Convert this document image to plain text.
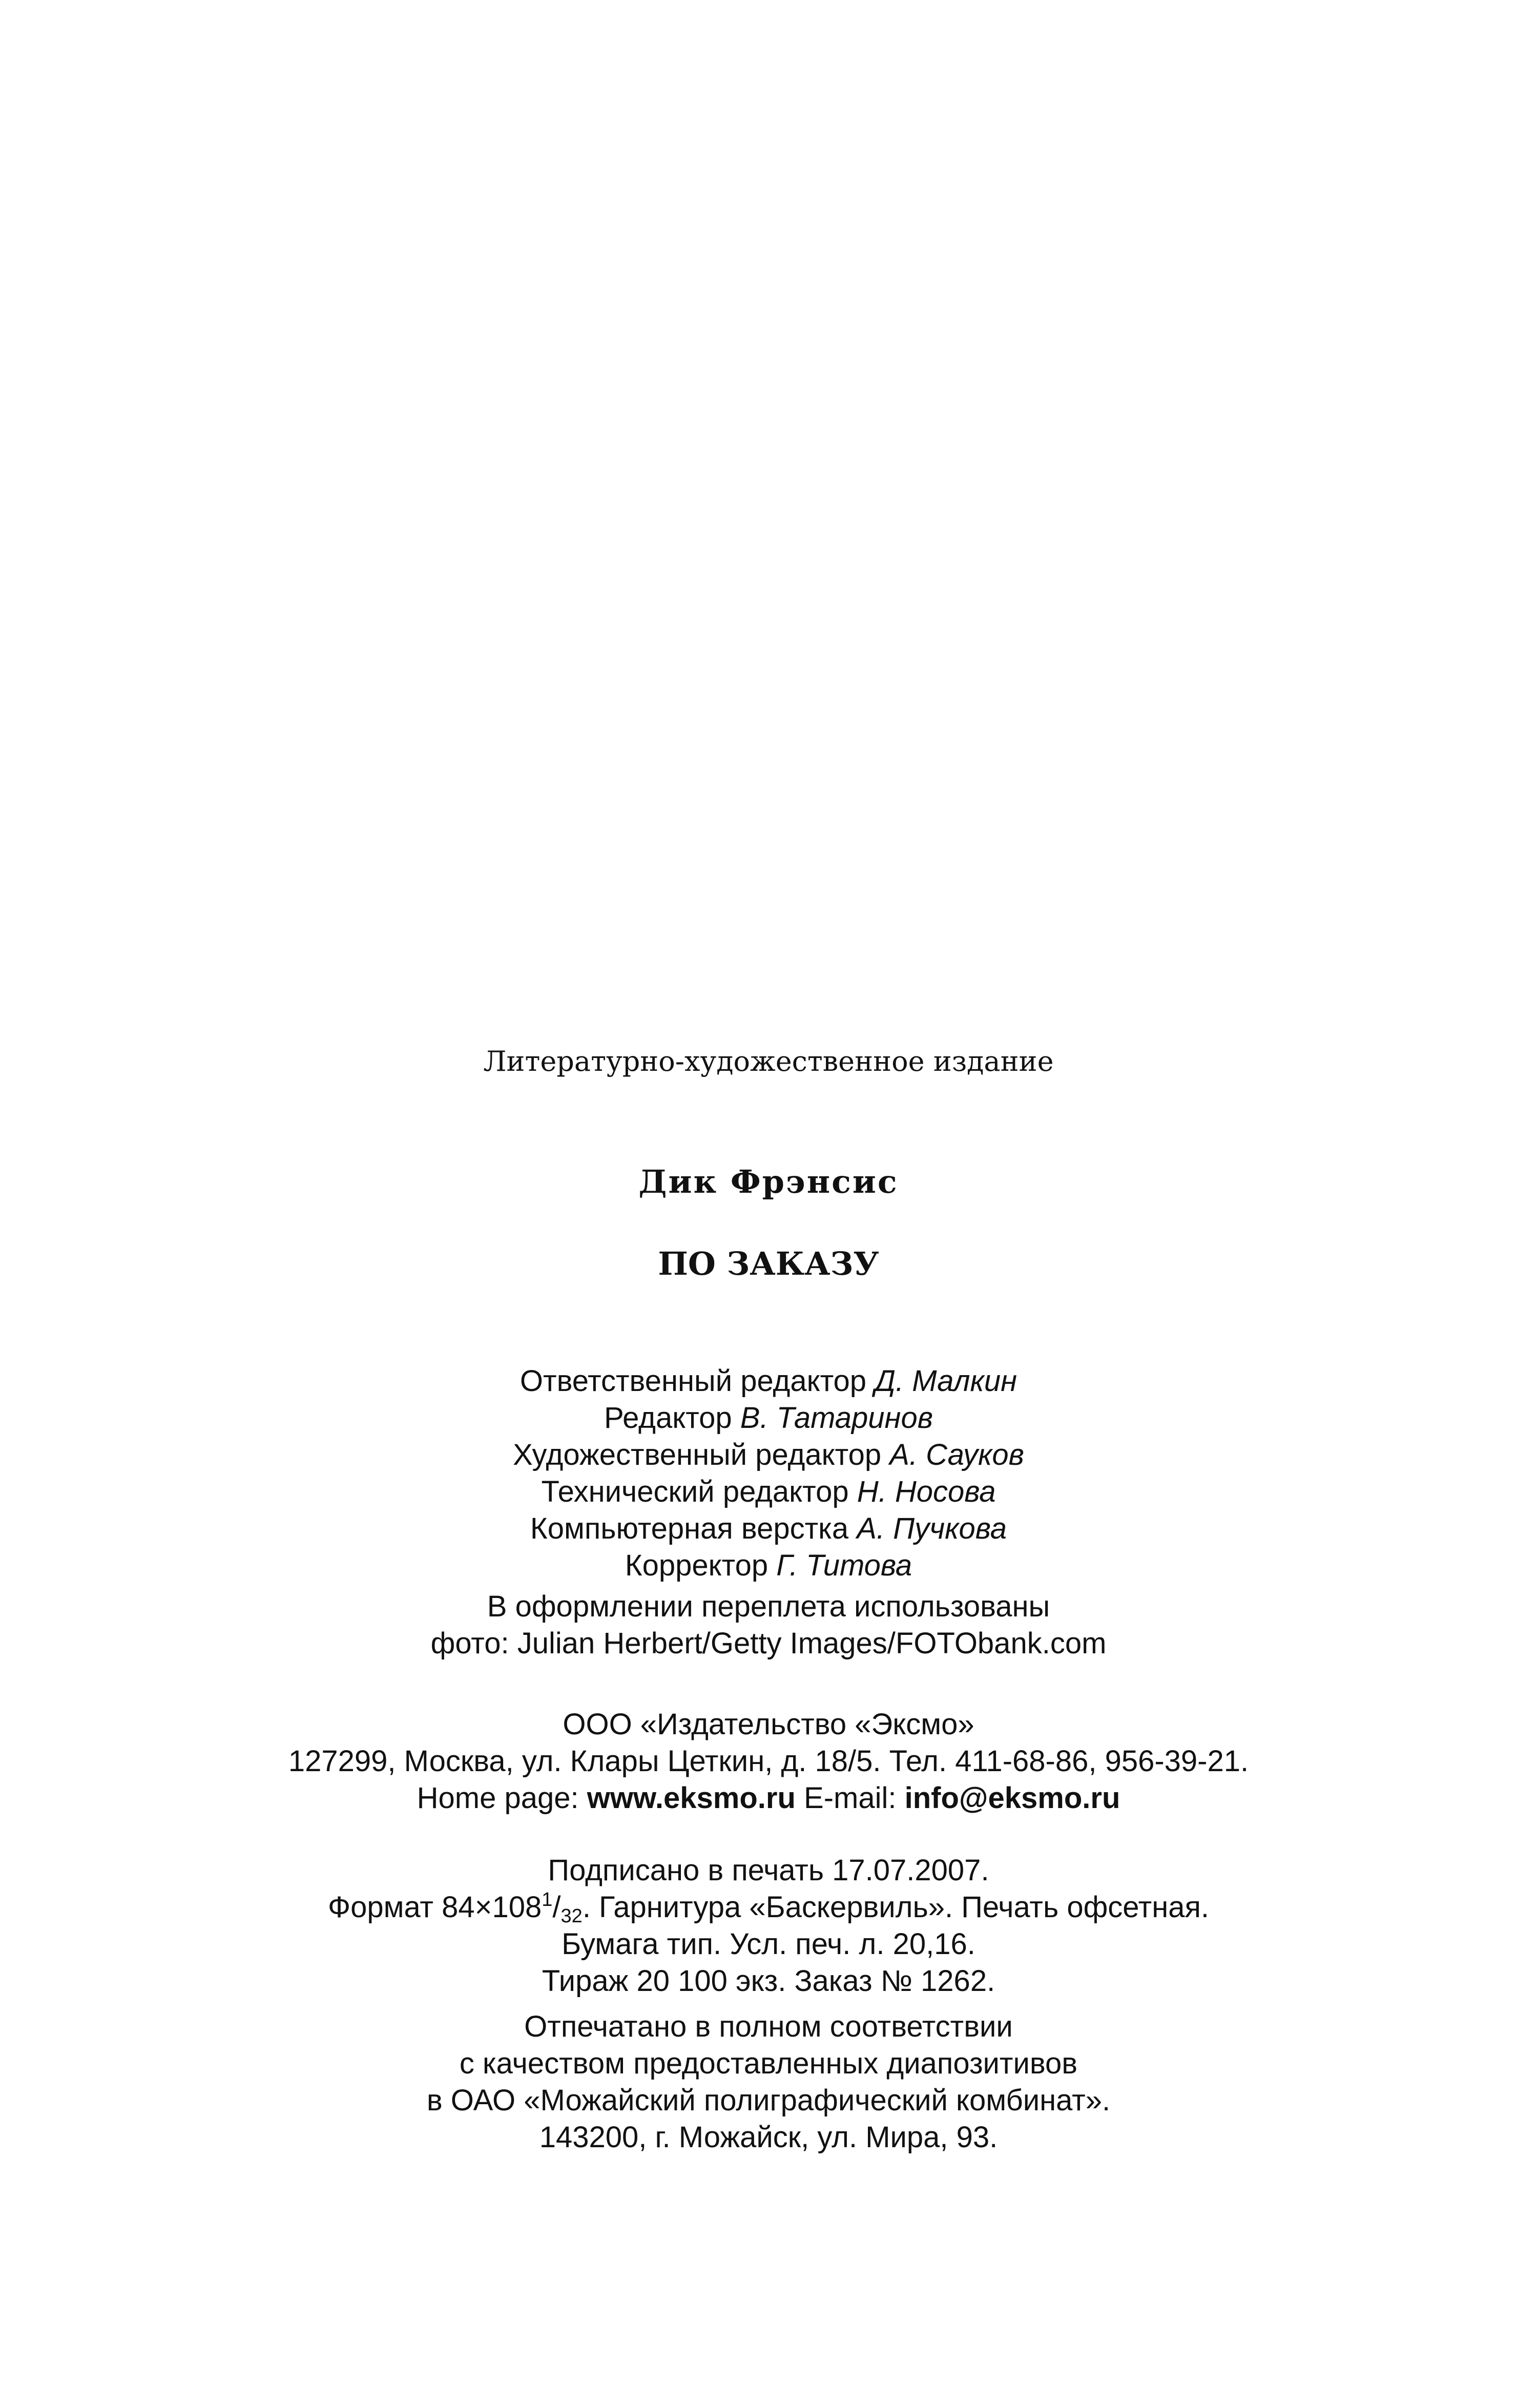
Литературно-художественное издание
Дик Фрэнсис
ПО ЗАКАЗУ
Ответственный редактор Д. Малкин
Редактор В. Татаринов
Художественный редактор А. Сауков
Технический редактор Н. Носова
Компьютерная верстка А. Пучкова
Корректор Г. Титова
В оформлении переплета использованы
фото: Julian Herbert/Getty Images/FOTObank.com
ООО «Издательство «Эксмо»
127299, Москва, ул. Клары Цеткин, д. 18/5. Тел. 411-68-86, 956-39-21.
Home page: www.eksmo.ru E-mail: info@eksmo.ru
Подписано в печать 17.07.2007.
Формат $84\times 108^1/_{32}$. Гарнитура «Баскервиль». Печать офсетная.
Бумага тип. Усл. печ. л. 20,16.
Тираж 20 100 экз. Заказ № 1262.
Отпечатано в полном соответствии
с качеством предоставленных диапозитивов
в ОАО «Можайский полиграфический комбинат».
143200, г. Можайск, ул. Мира, 93.
